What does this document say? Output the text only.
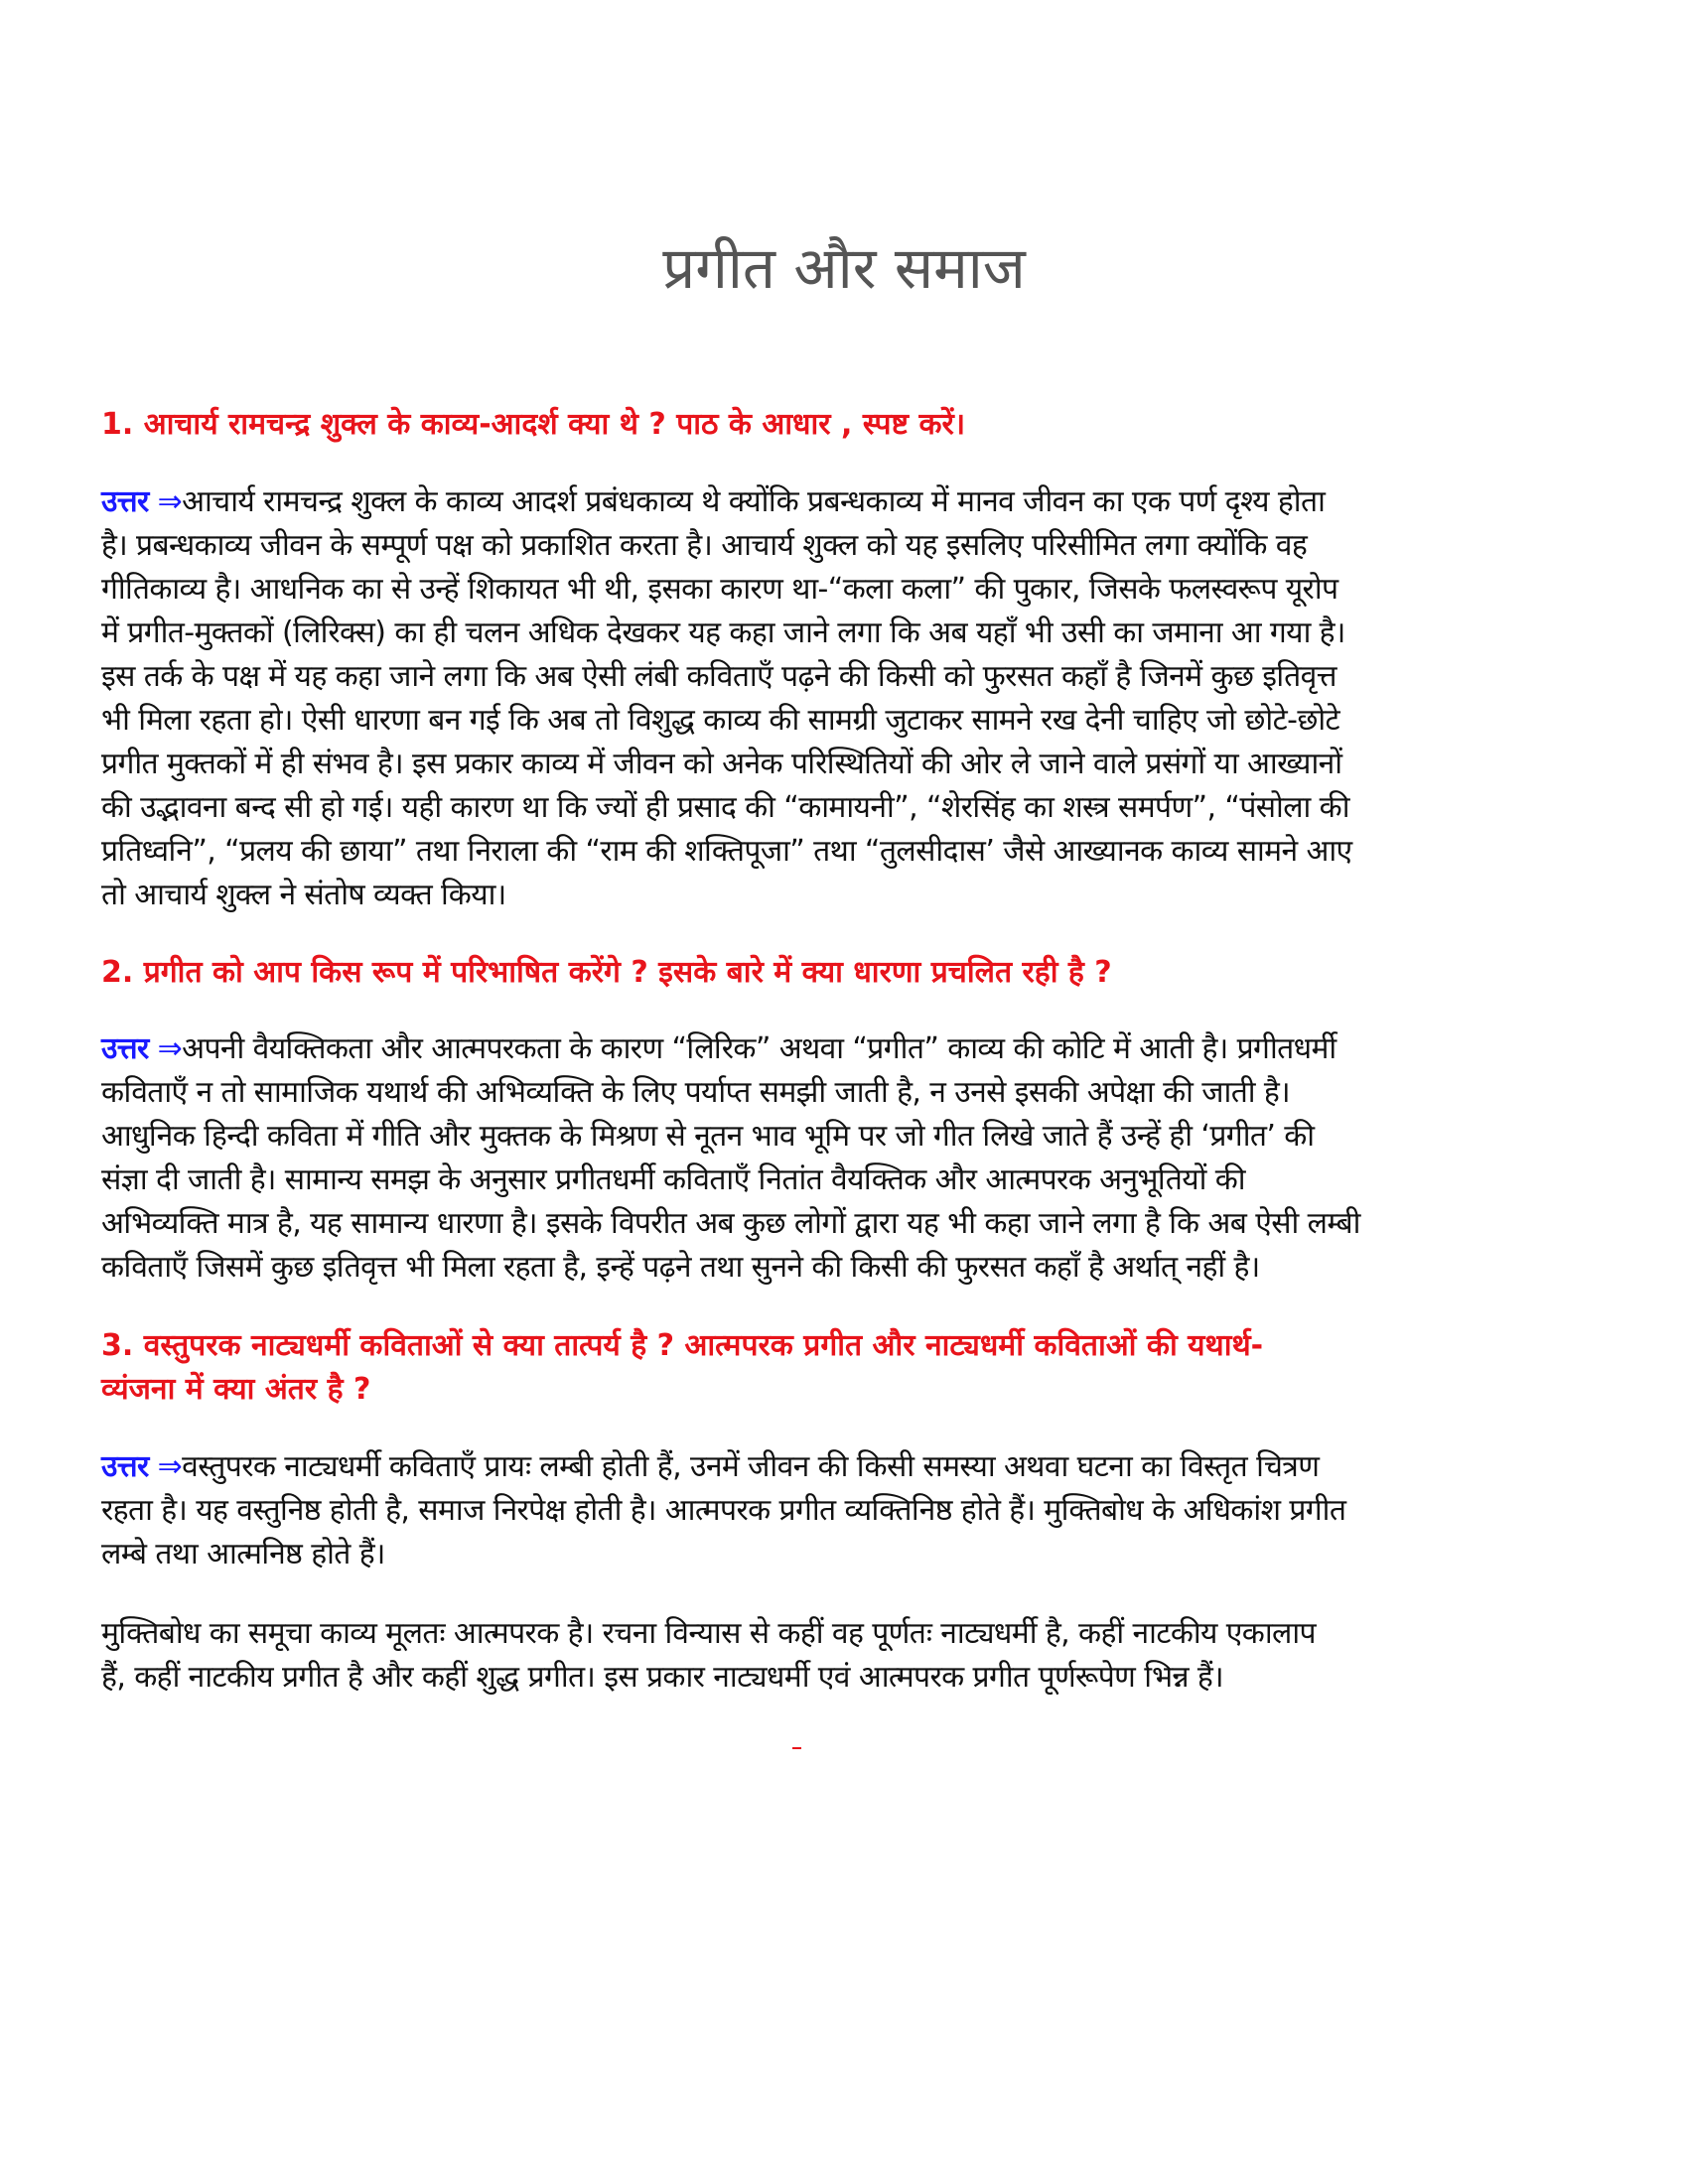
प्रगीत और समाज
1. आचार्य रामचन्द्र शुक्ल के काव्य-आदर्श क्या थे ? पाठ के आधार , स्पष्ट करें।
उत्तर ⇒आचार्य रामचन्द्र शुक्ल के काव्य आदर्श प्रबंधकाव्य थे क्योंकि प्रबन्धकाव्य में मानव जीवन का एक पर्ण दृश्य होता
है। प्रबन्धकाव्य जीवन के सम्पूर्ण पक्ष को प्रकाशित करता है। आचार्य शुक्ल को यह इसलिए परिसीमित लगा क्योंकि वह
गीतिकाव्य है। आधनिक का से उन्हें शिकायत भी थी, इसका कारण था-“कला कला” की पुकार, जिसके फलस्वरूप यूरोप
में प्रगीत-मुक्तकों (लिरिक्स) का ही चलन अधिक देखकर यह कहा जाने लगा कि अब यहाँ भी उसी का जमाना आ गया है।
इस तर्क के पक्ष में यह कहा जाने लगा कि अब ऐसी लंबी कविताएँ पढ़ने की किसी को फुरसत कहाँ है जिनमें कुछ इतिवृत्त
भी मिला रहता हो। ऐसी धारणा बन गई कि अब तो विशुद्ध काव्य की सामग्री जुटाकर सामने रख देनी चाहिए जो छोटे-छोटे
प्रगीत मुक्तकों में ही संभव है। इस प्रकार काव्य में जीवन को अनेक परिस्थितियों की ओर ले जाने वाले प्रसंगों या आख्यानों
की उद्भावना बन्द सी हो गई। यही कारण था कि ज्यों ही प्रसाद की “कामायनी”, “शेरसिंह का शस्त्र समर्पण”, “पंसोला की
प्रतिध्वनि”, “प्रलय की छाया” तथा निराला की “राम की शक्तिपूजा” तथा “तुलसीदास’ जैसे आख्यानक काव्य सामने आए
तो आचार्य शुक्ल ने संतोष व्यक्त किया।
2. प्रगीत को आप किस रूप में परिभाषित करेंगे ? इसके बारे में क्या धारणा प्रचलित रही है ?
उत्तर ⇒अपनी वैयक्तिकता और आत्मपरकता के कारण “लिरिक” अथवा “प्रगीत” काव्य की कोटि में आती है। प्रगीतधर्मी
कविताएँ न तो सामाजिक यथार्थ की अभिव्यक्ति के लिए पर्याप्त समझी जाती है, न उनसे इसकी अपेक्षा की जाती है।
आधुनिक हिन्दी कविता में गीति और मुक्तक के मिश्रण से नूतन भाव भूमि पर जो गीत लिखे जाते हैं उन्हें ही ‘प्रगीत’ की
संज्ञा दी जाती है। सामान्य समझ के अनुसार प्रगीतधर्मी कविताएँ नितांत वैयक्तिक और आत्मपरक अनुभूतियों की
अभिव्यक्ति मात्र है, यह सामान्य धारणा है। इसके विपरीत अब कुछ लोगों द्वारा यह भी कहा जाने लगा है कि अब ऐसी लम्बी
कविताएँ जिसमें कुछ इतिवृत्त भी मिला रहता है, इन्हें पढ़ने तथा सुनने की किसी की फुरसत कहाँ है अर्थात् नहीं है।
3. वस्तुपरक नाट्यधर्मी कविताओं से क्या तात्पर्य है ? आत्मपरक प्रगीत और नाट्यधर्मी कविताओं की यथार्थ-
व्यंजना में क्या अंतर है ?
उत्तर ⇒वस्तुपरक नाट्यधर्मी कविताएँ प्रायः लम्बी होती हैं, उनमें जीवन की किसी समस्या अथवा घटना का विस्तृत चित्रण
रहता है। यह वस्तुनिष्ठ होती है, समाज निरपेक्ष होती है। आत्मपरक प्रगीत व्यक्तिनिष्ठ होते हैं। मुक्तिबोध के अधिकांश प्रगीत
लम्बे तथा आत्मनिष्ठ होते हैं।
मुक्तिबोध का समूचा काव्य मूलतः आत्मपरक है। रचना विन्यास से कहीं वह पूर्णतः नाट्यधर्मी है, कहीं नाटकीय एकालाप
हैं, कहीं नाटकीय प्रगीत है और कहीं शुद्ध प्रगीत। इस प्रकार नाट्यधर्मी एवं आत्मपरक प्रगीत पूर्णरूपेण भिन्न हैं।
